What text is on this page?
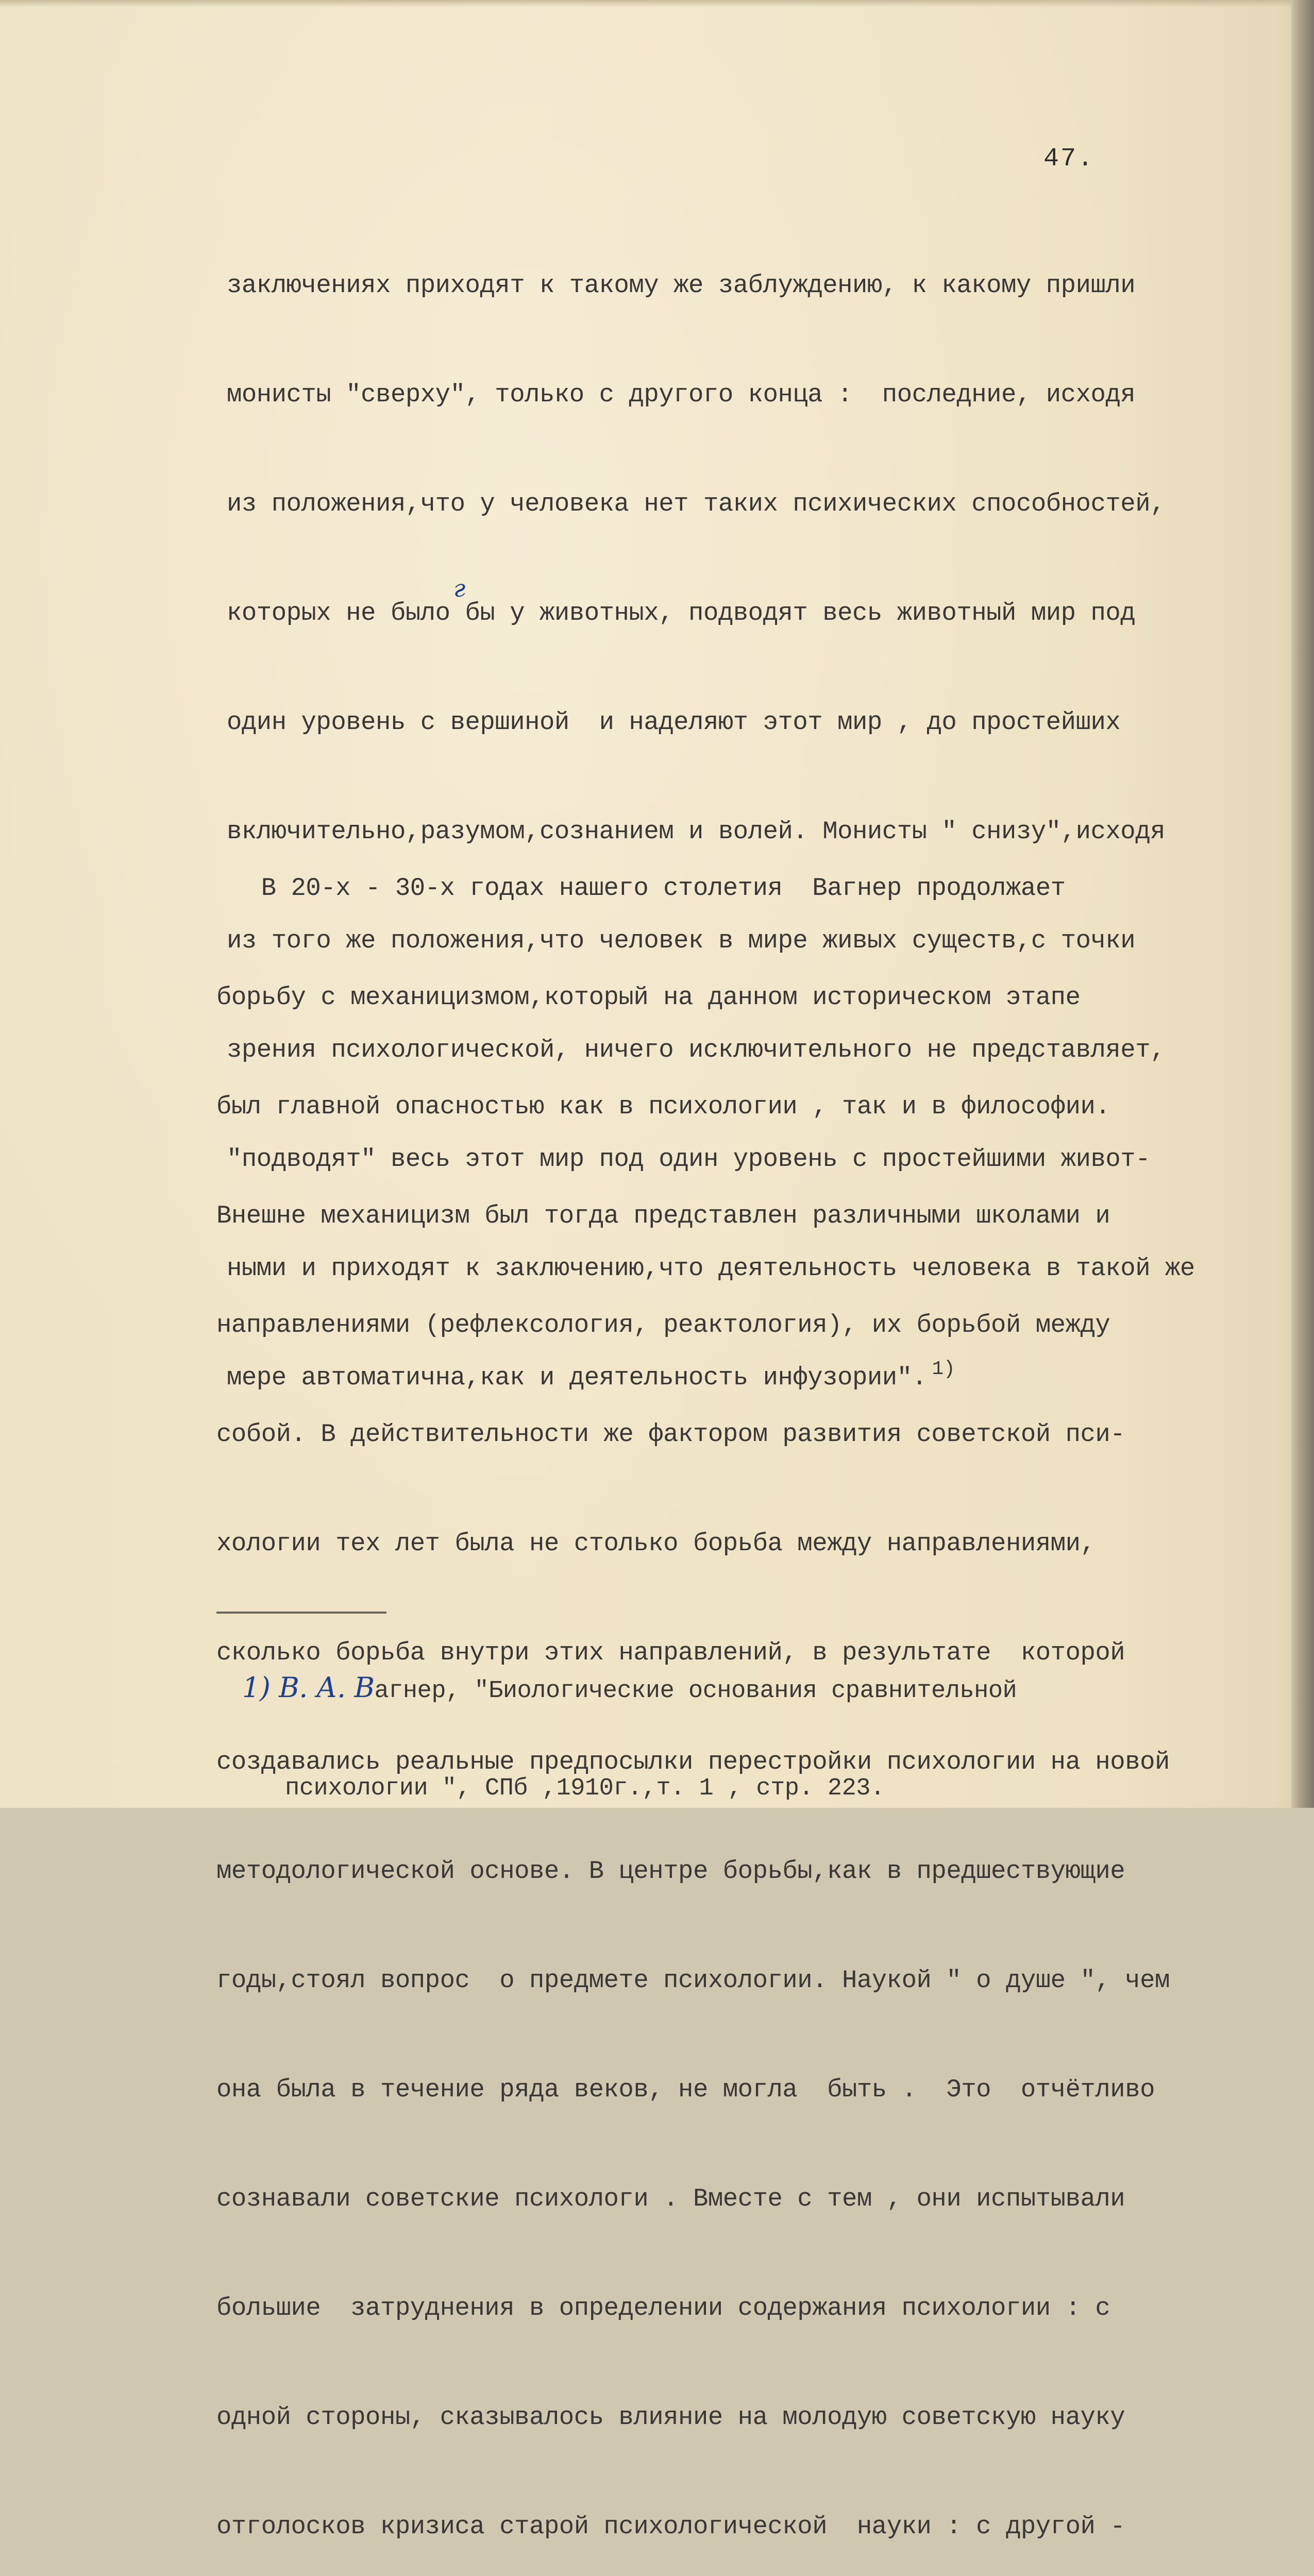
47.

заключениях приходят к такому же заблуждению, к какому пришли

монисты "сверху", только с другого конца :  последние, исходя

из положения,что у человека нет таких психических способностей,

которых не было бы у животных, подводят весь животный мир под

один уровень с вершиной  и наделяют этот мир , до простейших

включительно,разумом,сознанием и волей. Монисты " снизу",исходя

из того же положения,что человек в мире живых существ,с точки

зрения психологической, ничего исключительного не представляет,

"подводят" весь этот мир под один уровень с простейшими живот-

ными и приходят к заключению,что деятельность человека в такой же

мере автоматична,как и деятельность инфузории". $^{1)}$

г

В 20-х - 30-х годах нашего столетия  Вагнер продолжает

борьбу с механицизмом,который на данном историческом этапе

был главной опасностью как в психологии , так и в философии.

Внешне механицизм был тогда представлен различными школами и

направлениями (рефлексология, реактология), их борьбой между

собой. В действительности же фактором развития советской пси-

хологии тех лет была не столько борьба между направлениями,

сколько борьба внутри этих направлений, в результате  которой

создавались реальные предпосылки перестройки психологии на новой

методологической основе. В центре борьбы,как в предшествующие

годы,стоял вопрос  о предмете психологии. Наукой " о душе ", чем

она была в течение ряда веков, не могла  быть .  Это  отчётливо

сознавали советские психологи . Вместе с тем , они испытывали

большие  затруднения в определении содержания психологии : с

одной стороны, сказывалось влияние на молодую советскую науку

отголосков кризиса старой психологической  науки : с другой -

1) В. А. Вагнер, "Биологические основания сравнительной

психологии ", СПб ,1910г.,т. 1 , стр. 223.
